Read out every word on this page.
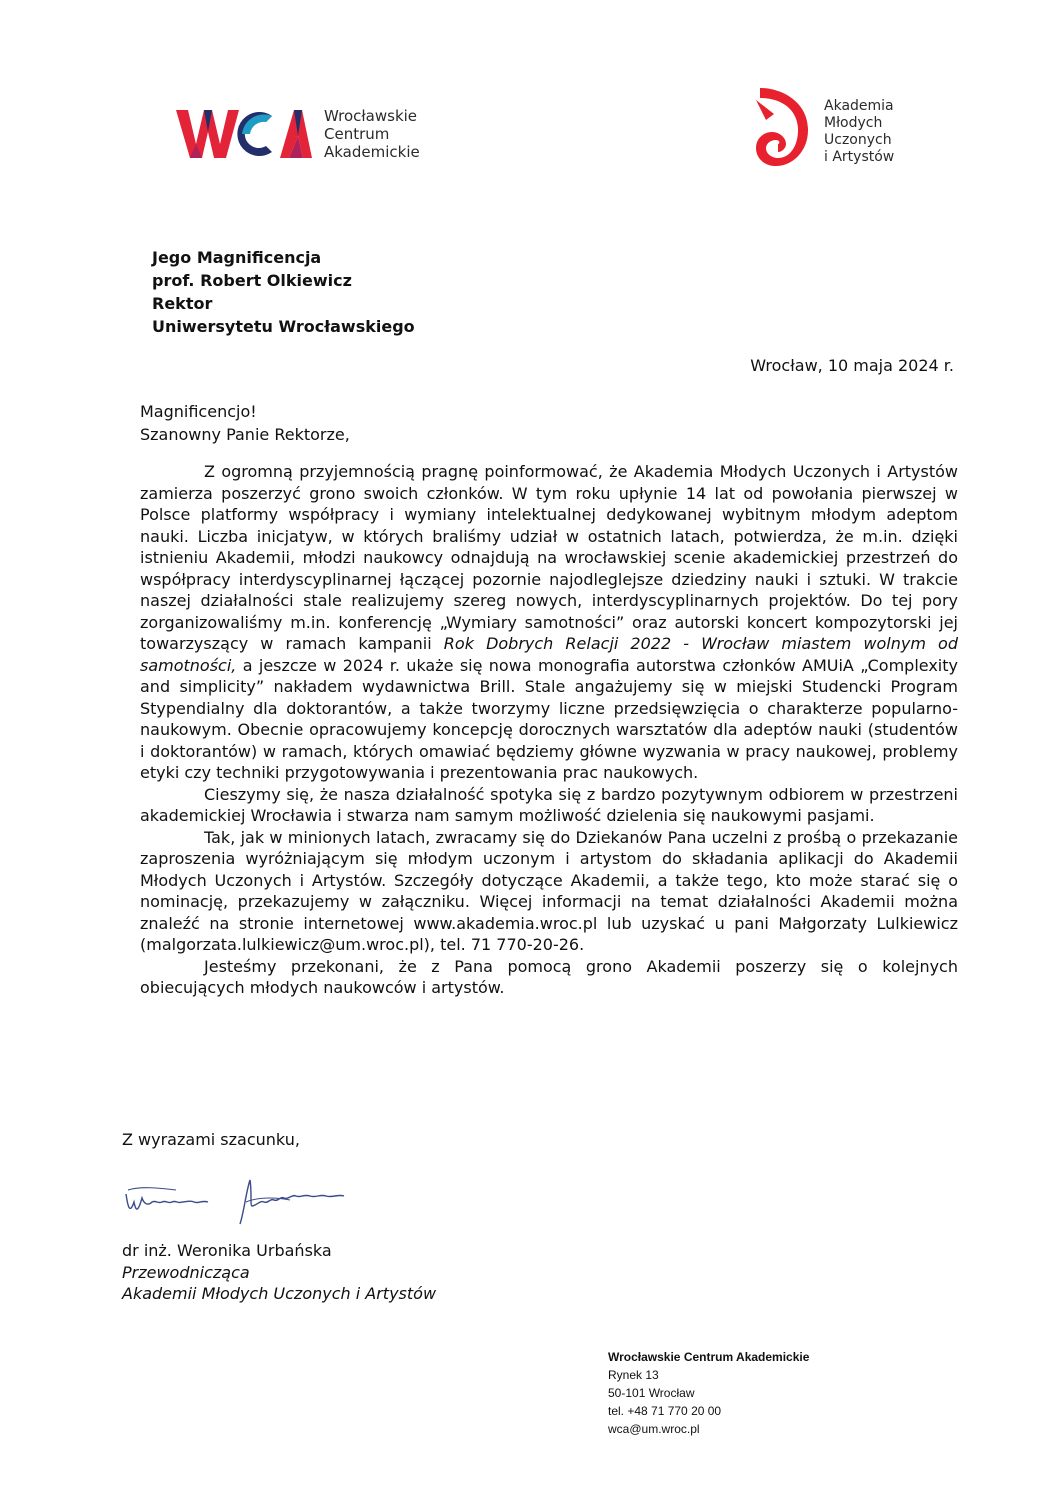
Wrocławskie
Centrum
Akademickie
Akademia
Młodych
Uczonych
i Artystów
Jego Magnificencja
prof. Robert Olkiewicz
Rektor
Uniwersytetu Wrocławskiego
Wrocław, 10 maja 2024 r.
Magnificencjo!
Szanowny Panie Rektorze,

Z ogromną przyjemnością pragnę poinformować, że Akademia Młodych Uczonych i Artystów zamierza poszerzyć grono swoich członków. W tym roku upłynie 14 lat od powołania pierwszej w Polsce platformy współpracy i wymiany intelektualnej dedykowanej wybitnym młodym adeptom nauki. Liczba inicjatyw, w których braliśmy udział w ostatnich latach, potwierdza, że m.in. dzięki istnieniu Akademii, młodzi naukowcy odnajdują na wrocławskiej scenie akademickiej przestrzeń do współpracy interdyscyplinarnej łączącej pozornie najodleglejsze dziedziny nauki i sztuki. W trakcie naszej działalności stale realizujemy szereg nowych, interdyscyplinarnych projektów. Do tej pory zorganizowaliśmy m.in. konferencję „Wymiary samotności” oraz autorski koncert kompozytorski jej towarzyszący w ramach kampanii Rok Dobrych Relacji 2022 - Wrocław miastem wolnym od samotności, a jeszcze w 2024 r. ukaże się nowa monografia autorstwa członków AMUiA „Complexity and simplicity” nakładem wydawnictwa Brill. Stale angażujemy się w miejski Studencki Program Stypendialny dla doktorantów, a także tworzymy liczne przedsięwzięcia o charakterze popularno-naukowym. Obecnie opracowujemy koncepcję dorocznych warsztatów dla adeptów nauki (studentów i doktorantów) w ramach, których omawiać będziemy główne wyzwania w pracy naukowej, problemy etyki czy techniki przygotowywania i prezentowania prac naukowych.

Cieszymy się, że nasza działalność spotyka się z bardzo pozytywnym odbiorem w przestrzeni akademickiej Wrocławia i stwarza nam samym możliwość dzielenia się naukowymi pasjami.

Tak, jak w minionych latach, zwracamy się do Dziekanów Pana uczelni z prośbą o przekazanie zaproszenia wyróżniającym się młodym uczonym i artystom do składania aplikacji do Akademii Młodych Uczonych i Artystów. Szczegóły dotyczące Akademii, a także tego, kto może starać się o nominację, przekazujemy w załączniku. Więcej informacji na temat działalności Akademii można znaleźć na stronie internetowej www.akademia.wroc.pl lub uzyskać u pani Małgorzaty Lulkiewicz (malgorzata.lulkiewicz@um.wroc.pl), tel. 71 770-20-26.

Jesteśmy przekonani, że z Pana pomocą grono Akademii poszerzy się o kolejnych obiecujących młodych naukowców i artystów.

Z wyrazami szacunku,
dr inż. Weronika Urbańska
Przewodnicząca
Akademii Młodych Uczonych i Artystów
Wrocławskie Centrum Akademickie
Rynek 13
50-101 Wrocław
tel. +48 71 770 20 00
wca@um.wroc.pl
